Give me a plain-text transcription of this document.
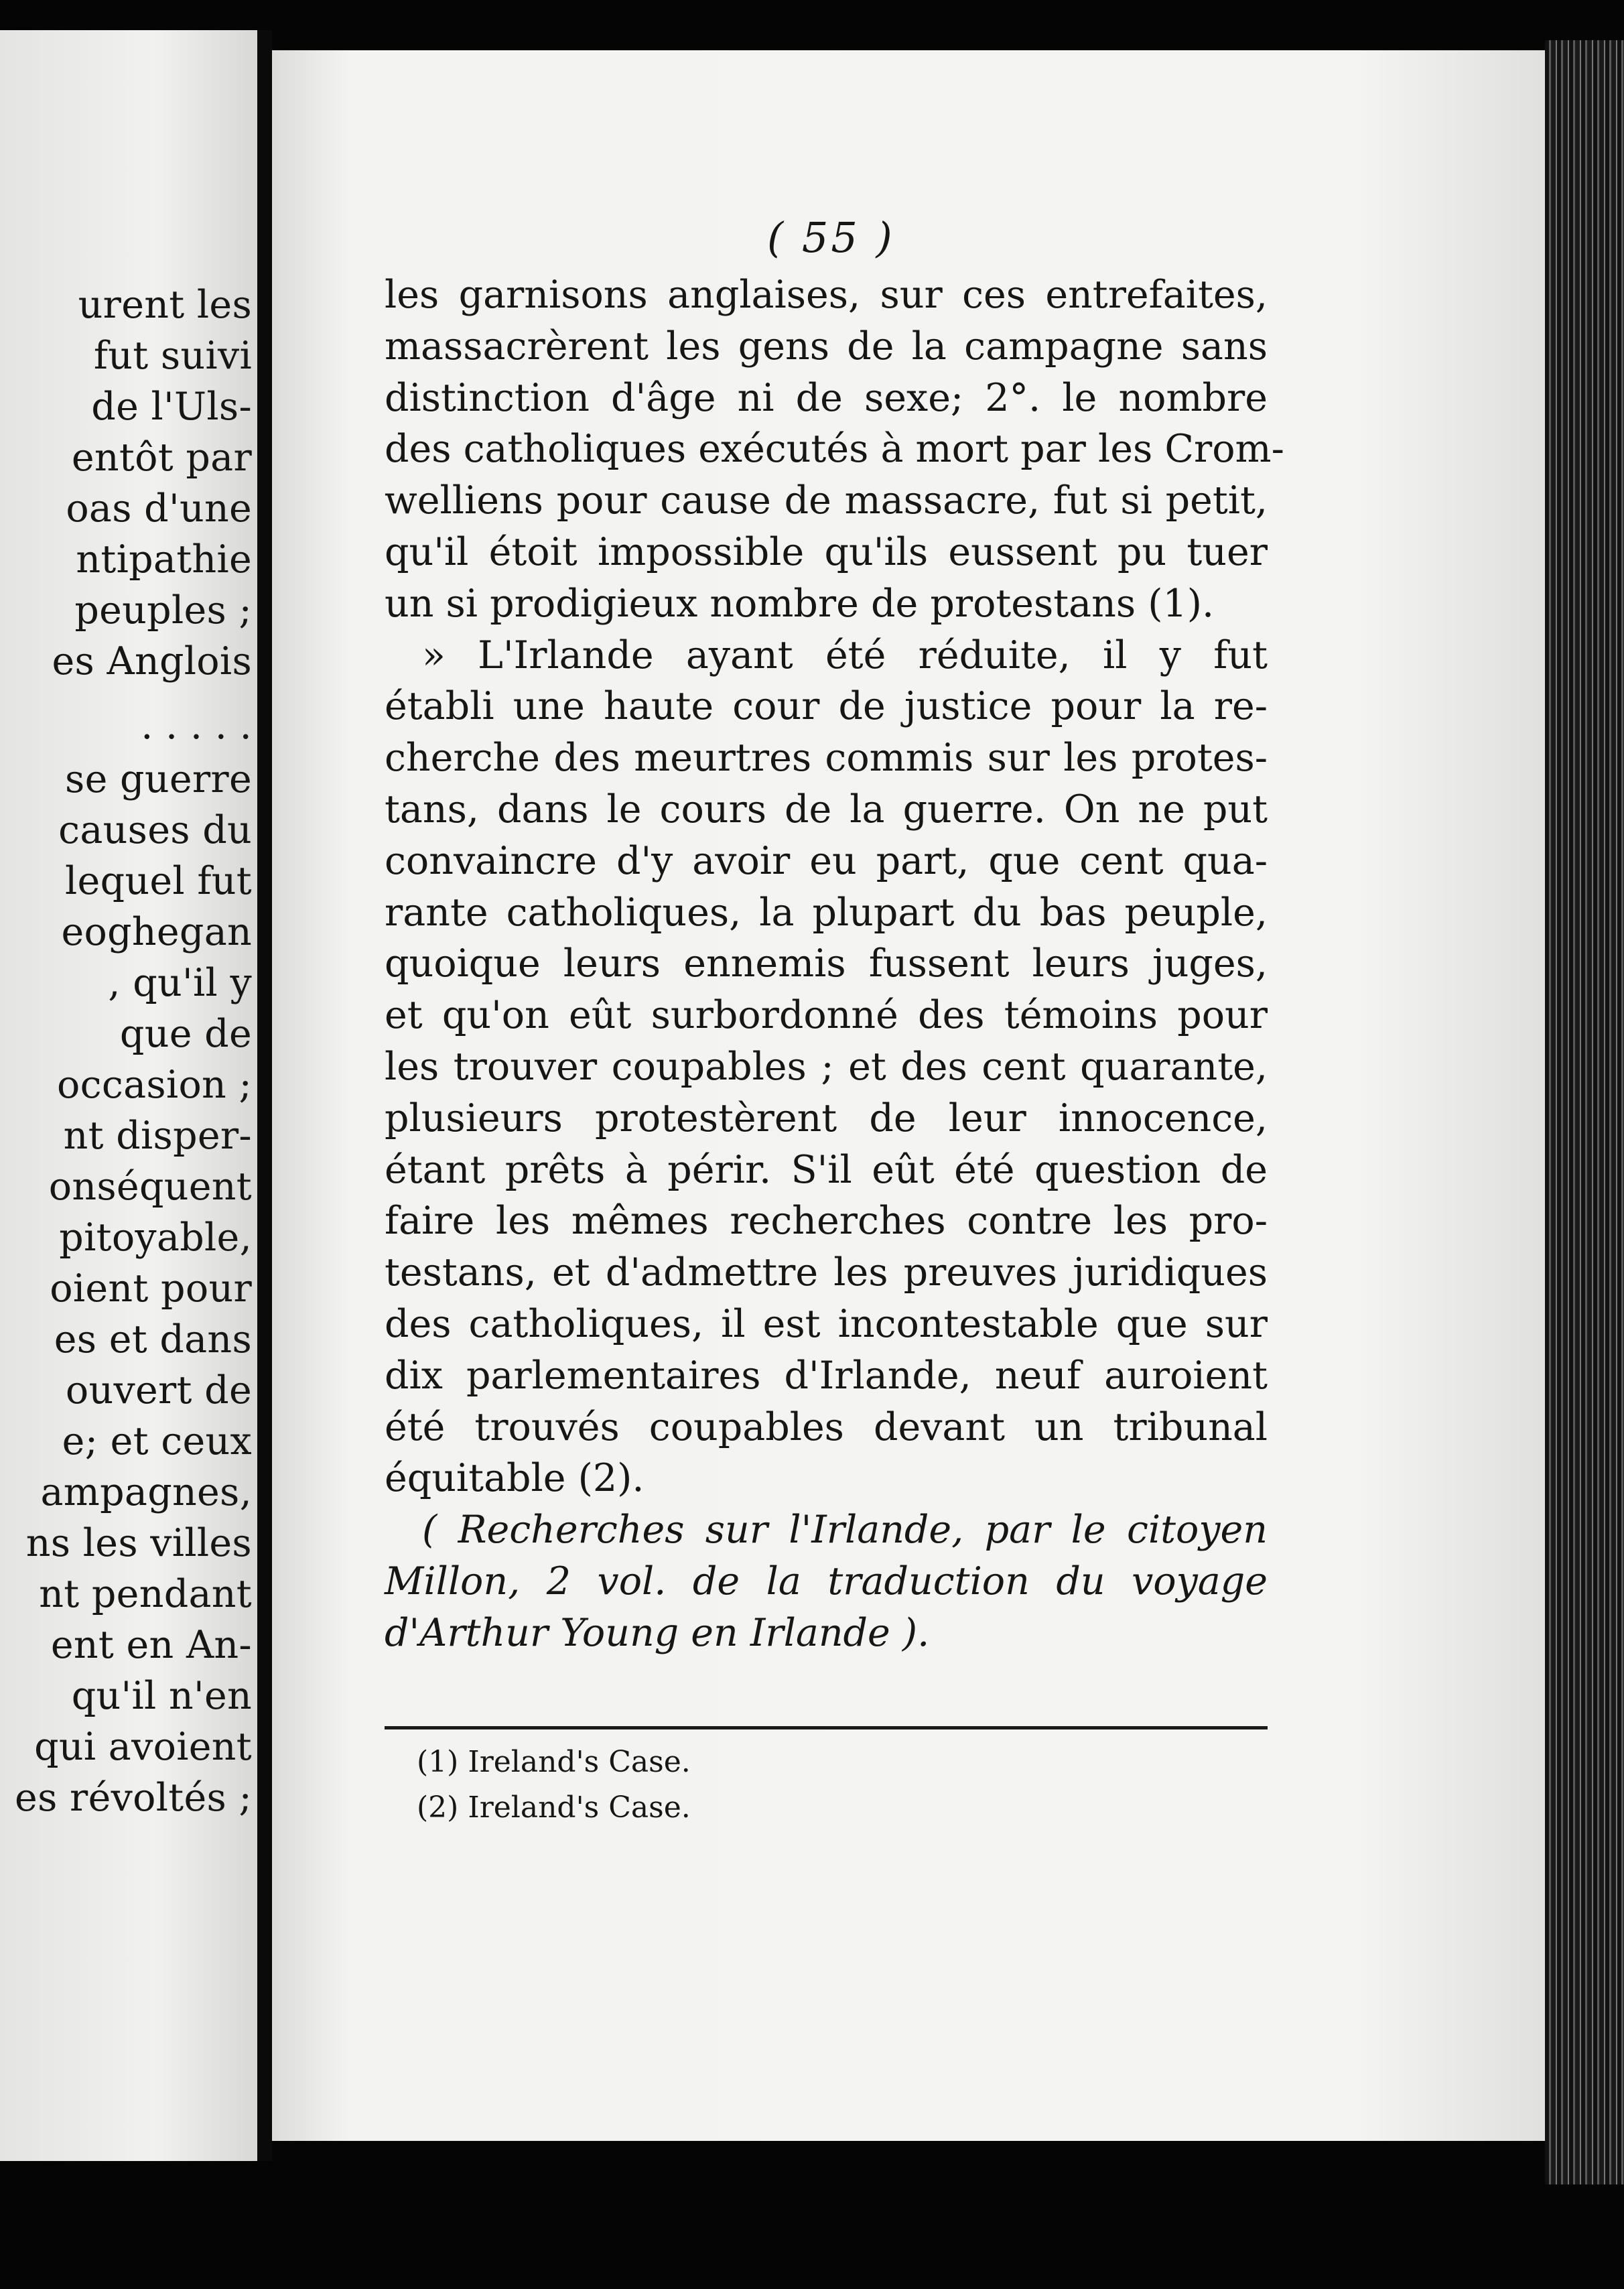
urent les
fut suivi
de l'Uls-
entôt par
oas d'une
ntipathie
peuples ;
es Anglois
. . . . .
se guerre
causes du
lequel fut
eoghegan
, qu'il y
que de
occasion ;
nt disper-
onséquent
pitoyable,
oient pour
es et dans
ouvert de
e; et ceux
ampagnes,
ns les villes
nt pendant
ent en An-
qu'il n'en
qui avoient
es révoltés ;
( 55 )
les garnisons anglaises, sur ces entrefaites,
massacrèrent les gens de la campagne sans
distinction d'âge ni de sexe; 2°. le nombre
des catholiques exécutés à mort par les Crom-
welliens pour cause de massacre, fut si petit,
qu'il étoit impossible qu'ils eussent pu tuer
un si prodigieux nombre de protestans (1).
» L'Irlande ayant été réduite, il y fut
établi une haute cour de justice pour la re-
cherche des meurtres commis sur les protes-
tans, dans le cours de la guerre. On ne put
convaincre d'y avoir eu part, que cent qua-
rante catholiques, la plupart du bas peuple,
quoique leurs ennemis fussent leurs juges,
et qu'on eût surbordonné des témoins pour
les trouver coupables ; et des cent quarante,
plusieurs protestèrent de leur innocence,
étant prêts à périr. S'il eût été question de
faire les mêmes recherches contre les pro-
testans, et d'admettre les preuves juridiques
des catholiques, il est incontestable que sur
dix parlementaires d'Irlande, neuf auroient
été trouvés coupables devant un tribunal
équitable (2).
( Recherches sur l'Irlande, par le citoyen
Millon, 2 vol. de la traduction du voyage
d'Arthur Young en Irlande ).
(1) Ireland's Case.
(2) Ireland's Case.
